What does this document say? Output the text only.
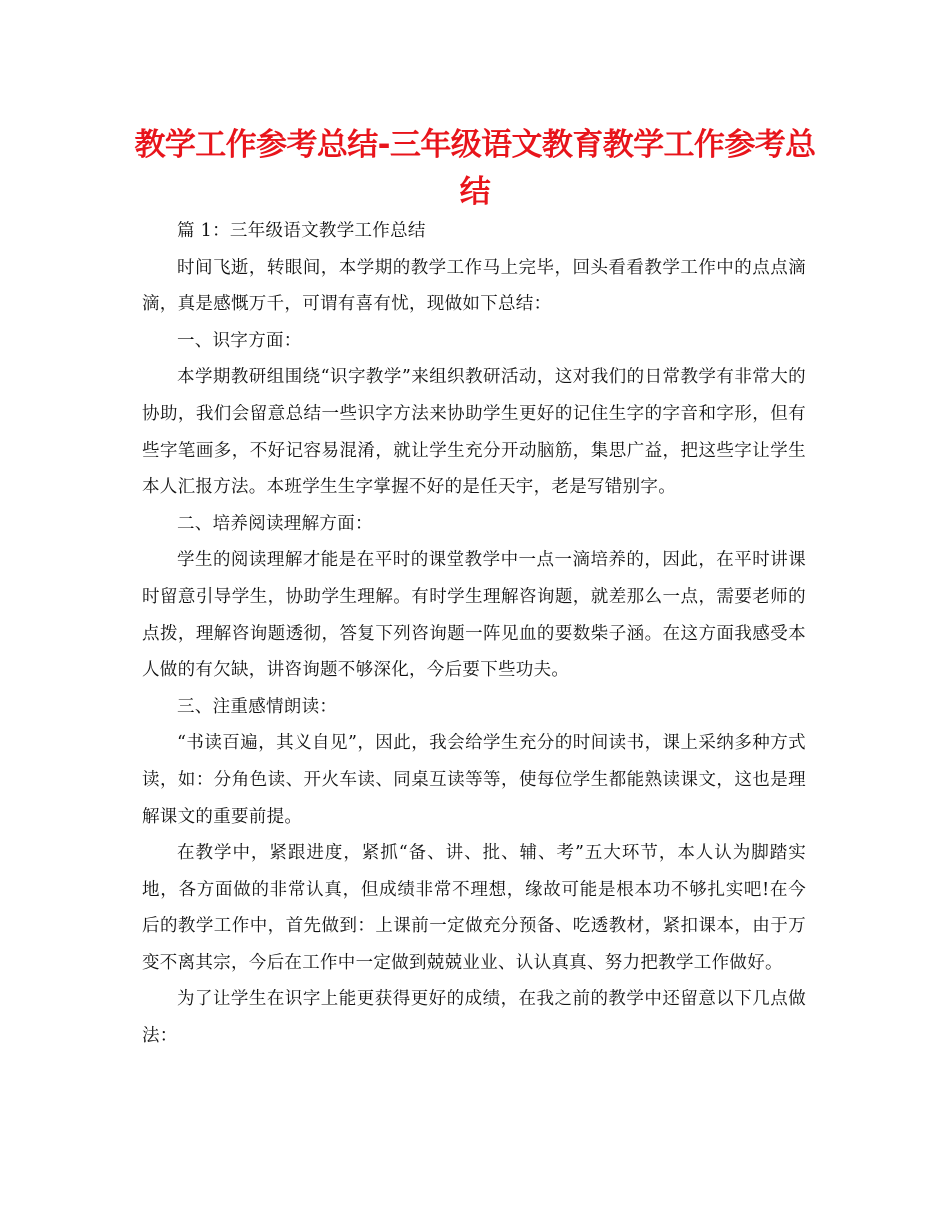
教学工作参考总结-三年级语文教育教学工作参考总结

篇 1：三年级语文教学工作总结

时间飞逝，转眼间，本学期的教学工作马上完毕，回头看看教学工作中的点点滴滴，真是感慨万千，可谓有喜有忧，现做如下总结：

一、识字方面：

本学期教研组围绕“识字教学”来组织教研活动，这对我们的日常教学有非常大的协助，我们会留意总结一些识字方法来协助学生更好的记住生字的字音和字形，但有些字笔画多，不好记容易混淆，就让学生充分开动脑筋，集思广益，把这些字让学生本人汇报方法。本班学生生字掌握不好的是任天宇，老是写错别字。

二、培养阅读理解方面：

学生的阅读理解才能是在平时的课堂教学中一点一滴培养的，因此，在平时讲课时留意引导学生，协助学生理解。有时学生理解咨询题，就差那么一点，需要老师的点拨，理解咨询题透彻，答复下列咨询题一阵见血的要数柴子涵。在这方面我感受本人做的有欠缺，讲咨询题不够深化，今后要下些功夫。

三、注重感情朗读：

“书读百遍，其义自见”，因此，我会给学生充分的时间读书，课上采纳多种方式读，如：分角色读、开火车读、同桌互读等等，使每位学生都能熟读课文，这也是理解课文的重要前提。

在教学中，紧跟进度，紧抓“备、讲、批、辅、考”五大环节，本人认为脚踏实地，各方面做的非常认真，但成绩非常不理想，缘故可能是根本功不够扎实吧!在今后的教学工作中，首先做到：上课前一定做充分预备、吃透教材，紧扣课本，由于万变不离其宗，今后在工作中一定做到兢兢业业、认认真真、努力把教学工作做好。

为了让学生在识字上能更获得更好的成绩，在我之前的教学中还留意以下几点做法：
